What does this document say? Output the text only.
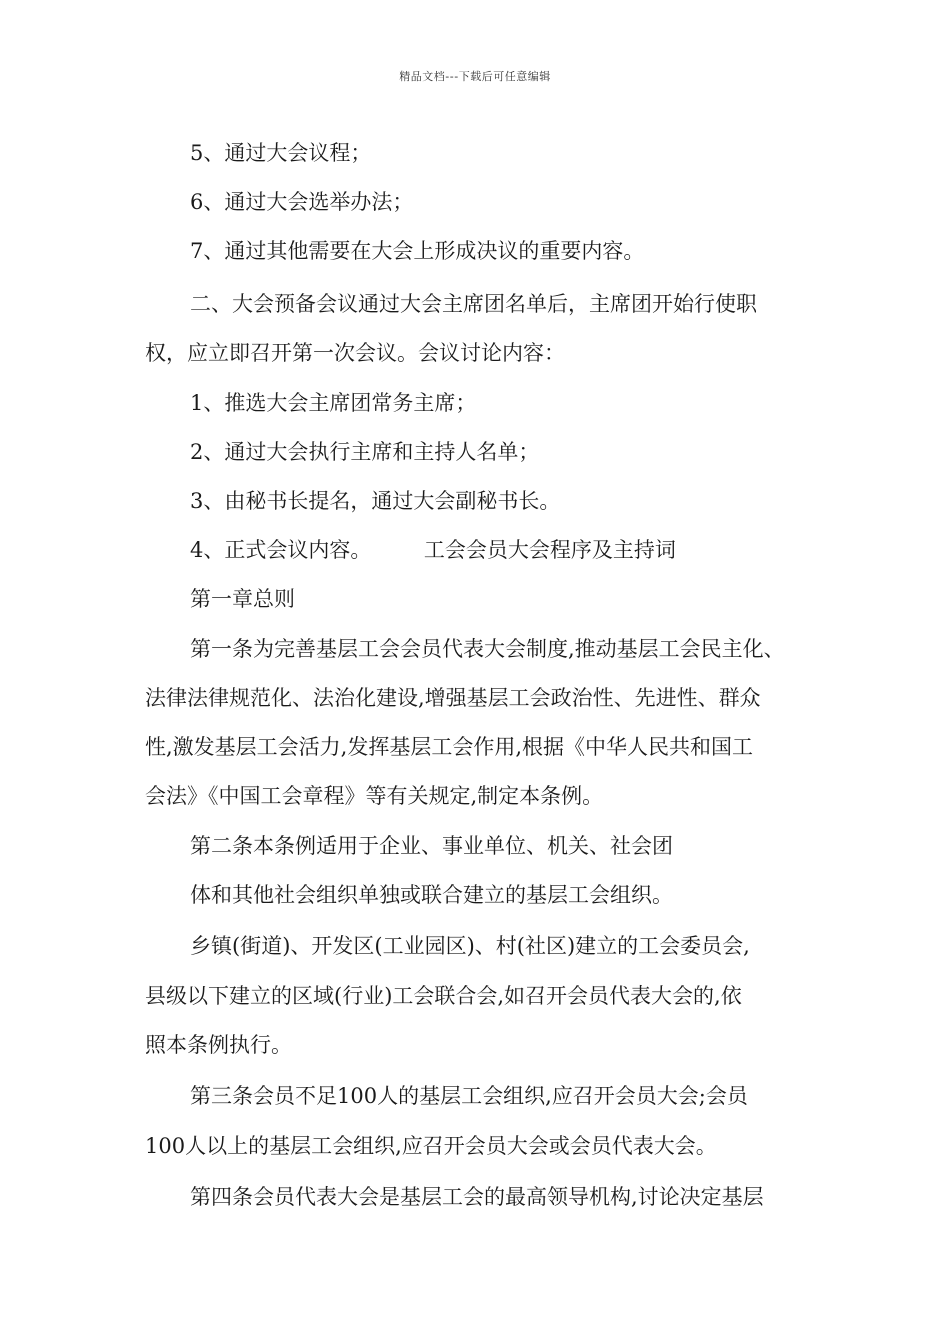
精品文档---下载后可任意编辑
5、通过大会议程；
6、通过大会选举办法；
7、通过其他需要在大会上形成决议的重要内容。
二、大会预备会议通过大会主席团名单后，主席团开始行使职
权，应立即召开第一次会议。会议讨论内容：
1、推选大会主席团常务主席；
2、通过大会执行主席和主持人名单；
3、由秘书长提名，通过大会副秘书长。
4、正式会议内容。　　　工会会员大会程序及主持词
第一章总则
第一条为完善基层工会会员代表大会制度,推动基层工会民主化、
法律法律规范化、法治化建设,增强基层工会政治性、先进性、群众
性,激发基层工会活力,发挥基层工会作用,根据《中华人民共和国工
会法》《中国工会章程》等有关规定,制定本条例。
第二条本条例适用于企业、事业单位、机关、社会团
体和其他社会组织单独或联合建立的基层工会组织。
乡镇(街道)、开发区(工业园区)、村(社区)建立的工会委员会,
县级以下建立的区域(行业)工会联合会,如召开会员代表大会的,依
照本条例执行。
第三条会员不足100人的基层工会组织,应召开会员大会;会员
100人以上的基层工会组织,应召开会员大会或会员代表大会。
第四条会员代表大会是基层工会的最高领导机构,讨论决定基层
